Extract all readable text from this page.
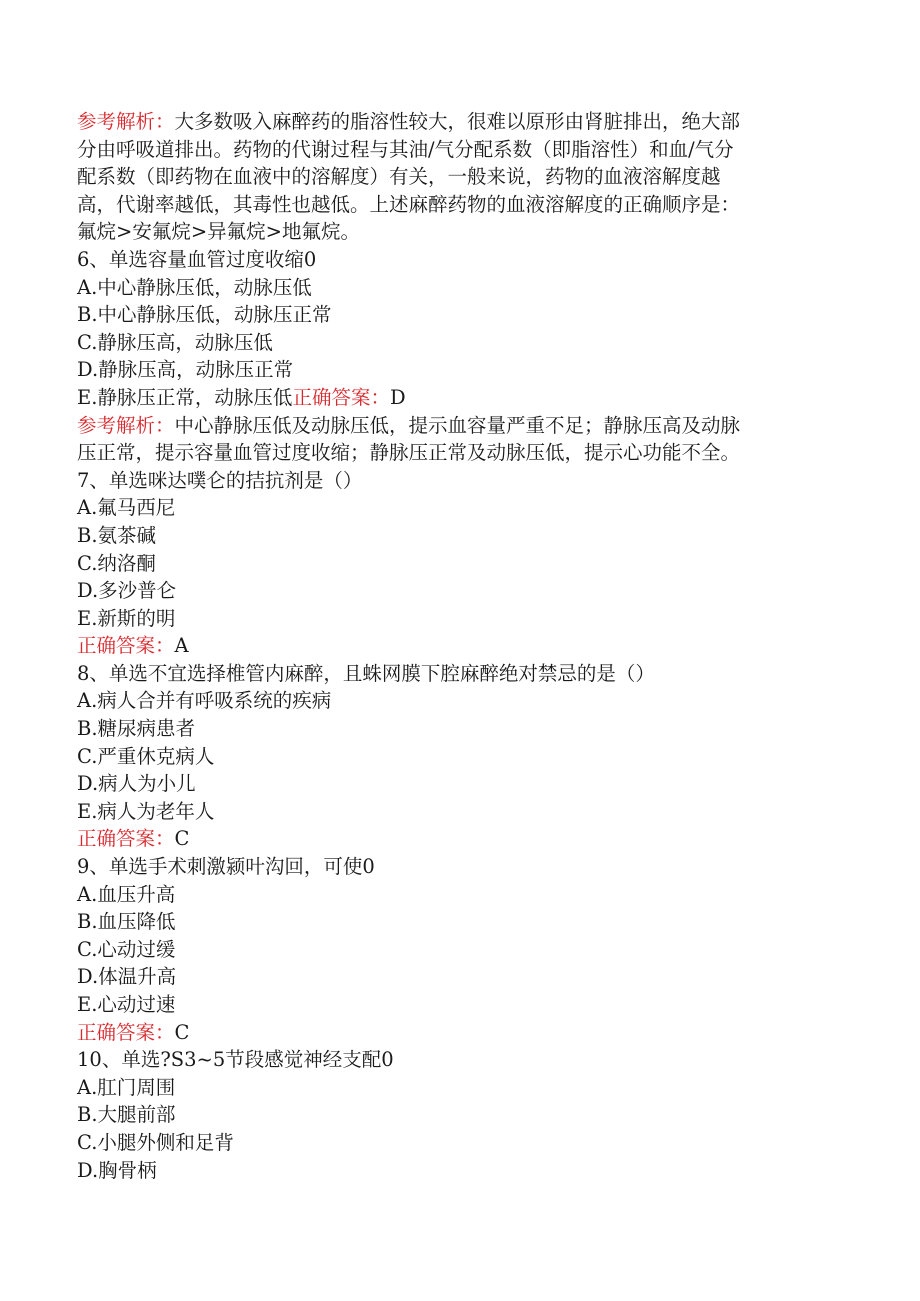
参考解析：大多数吸入麻醉药的脂溶性较大，很难以原形由肾脏排出，绝大部
分由呼吸道排出。药物的代谢过程与其油/气分配系数（即脂溶性）和血/气分
配系数（即药物在血液中的溶解度）有关，一般来说，药物的血液溶解度越
高，代谢率越低，其毒性也越低。上述麻醉药物的血液溶解度的正确顺序是：
氟烷>安氟烷>异氟烷>地氟烷。
6、单选容量血管过度收缩0
A.中心静脉压低，动脉压低
B.中心静脉压低，动脉压正常
C.静脉压高，动脉压低
D.静脉压高，动脉压正常
E.静脉压正常，动脉压低正确答案：D
参考解析：中心静脉压低及动脉压低，提示血容量严重不足；静脉压高及动脉
压正常，提示容量血管过度收缩；静脉压正常及动脉压低，提示心功能不全。
7、单选咪达噗仑的拮抗剂是（）
A.氟马西尼
B.氨茶碱
C.纳洛酮
D.多沙普仑
E.新斯的明
正确答案：A
8、单选不宜选择椎管内麻醉，且蛛网膜下腔麻醉绝对禁忌的是（）
A.病人合并有呼吸系统的疾病
B.糖尿病患者
C.严重休克病人
D.病人为小儿
E.病人为老年人
正确答案：C
9、单选手术刺激颍叶沟回，可使0
A.血压升高
B.血压降低
C.心动过缓
D.体温升高
E.心动过速
正确答案：C
10、单选?S3~5节段感觉神经支配0
A.肛门周围
B.大腿前部
C.小腿外侧和足背
D.胸骨柄
